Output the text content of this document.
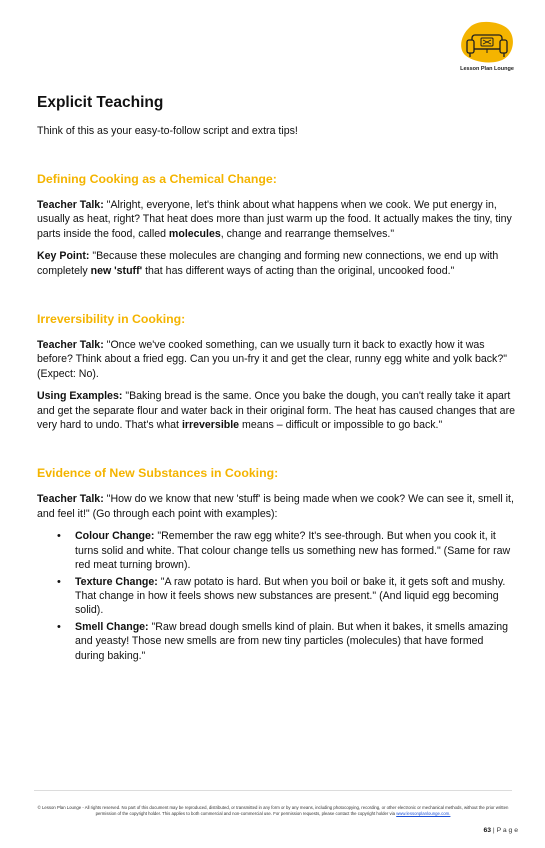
Lesson Plan Lounge
Explicit Teaching

Think of this as your easy-to-follow script and extra tips!

Defining Cooking as a Chemical Change:

Teacher Talk: "Alright, everyone, let's think about what happens when we cook. We put energy in, usually as heat, right? That heat does more than just warm up the food. It actually makes the tiny, tiny parts inside the food, called molecules, change and rearrange themselves."

Key Point: "Because these molecules are changing and forming new connections, we end up with completely new 'stuff' that has different ways of acting than the original, uncooked food."

Irreversibility in Cooking:

Teacher Talk: "Once we've cooked something, can we usually turn it back to exactly how it was before? Think about a fried egg. Can you un-fry it and get the clear, runny egg white and yolk back?" (Expect: No).

Using Examples: "Baking bread is the same. Once you bake the dough, you can't really take it apart and get the separate flour and water back in their original form. The heat has caused changes that are very hard to undo. That's what irreversible means – difficult or impossible to go back."

Evidence of New Substances in Cooking:

Teacher Talk: "How do we know that new 'stuff' is being made when we cook? We can see it, smell it, and feel it!" (Go through each point with examples):

• Colour Change: "Remember the raw egg white? It's see-through. But when you cook it, it turns solid and white. That colour change tells us something new has formed." (Same for raw red meat turning brown).
• Texture Change: "A raw potato is hard. But when you boil or bake it, it gets soft and mushy. That change in how it feels shows new substances are present." (And liquid egg becoming solid).
• Smell Change: "Raw bread dough smells kind of plain. But when it bakes, it smells amazing and yeasty! Those new smells are from new tiny particles (molecules) that have formed during baking."
© Lesson Plan Lounge - All rights reserved. No part of this document may be reproduced, distributed, or transmitted in any form or by any means, including photocopying, recording, or other electronic or mechanical methods, without the prior written permission of the copyright holder. This applies to both commercial and non-commercial use. For permission requests, please contact the copyright holder via www.lessonplanlounge.com.
63 | P a g e
